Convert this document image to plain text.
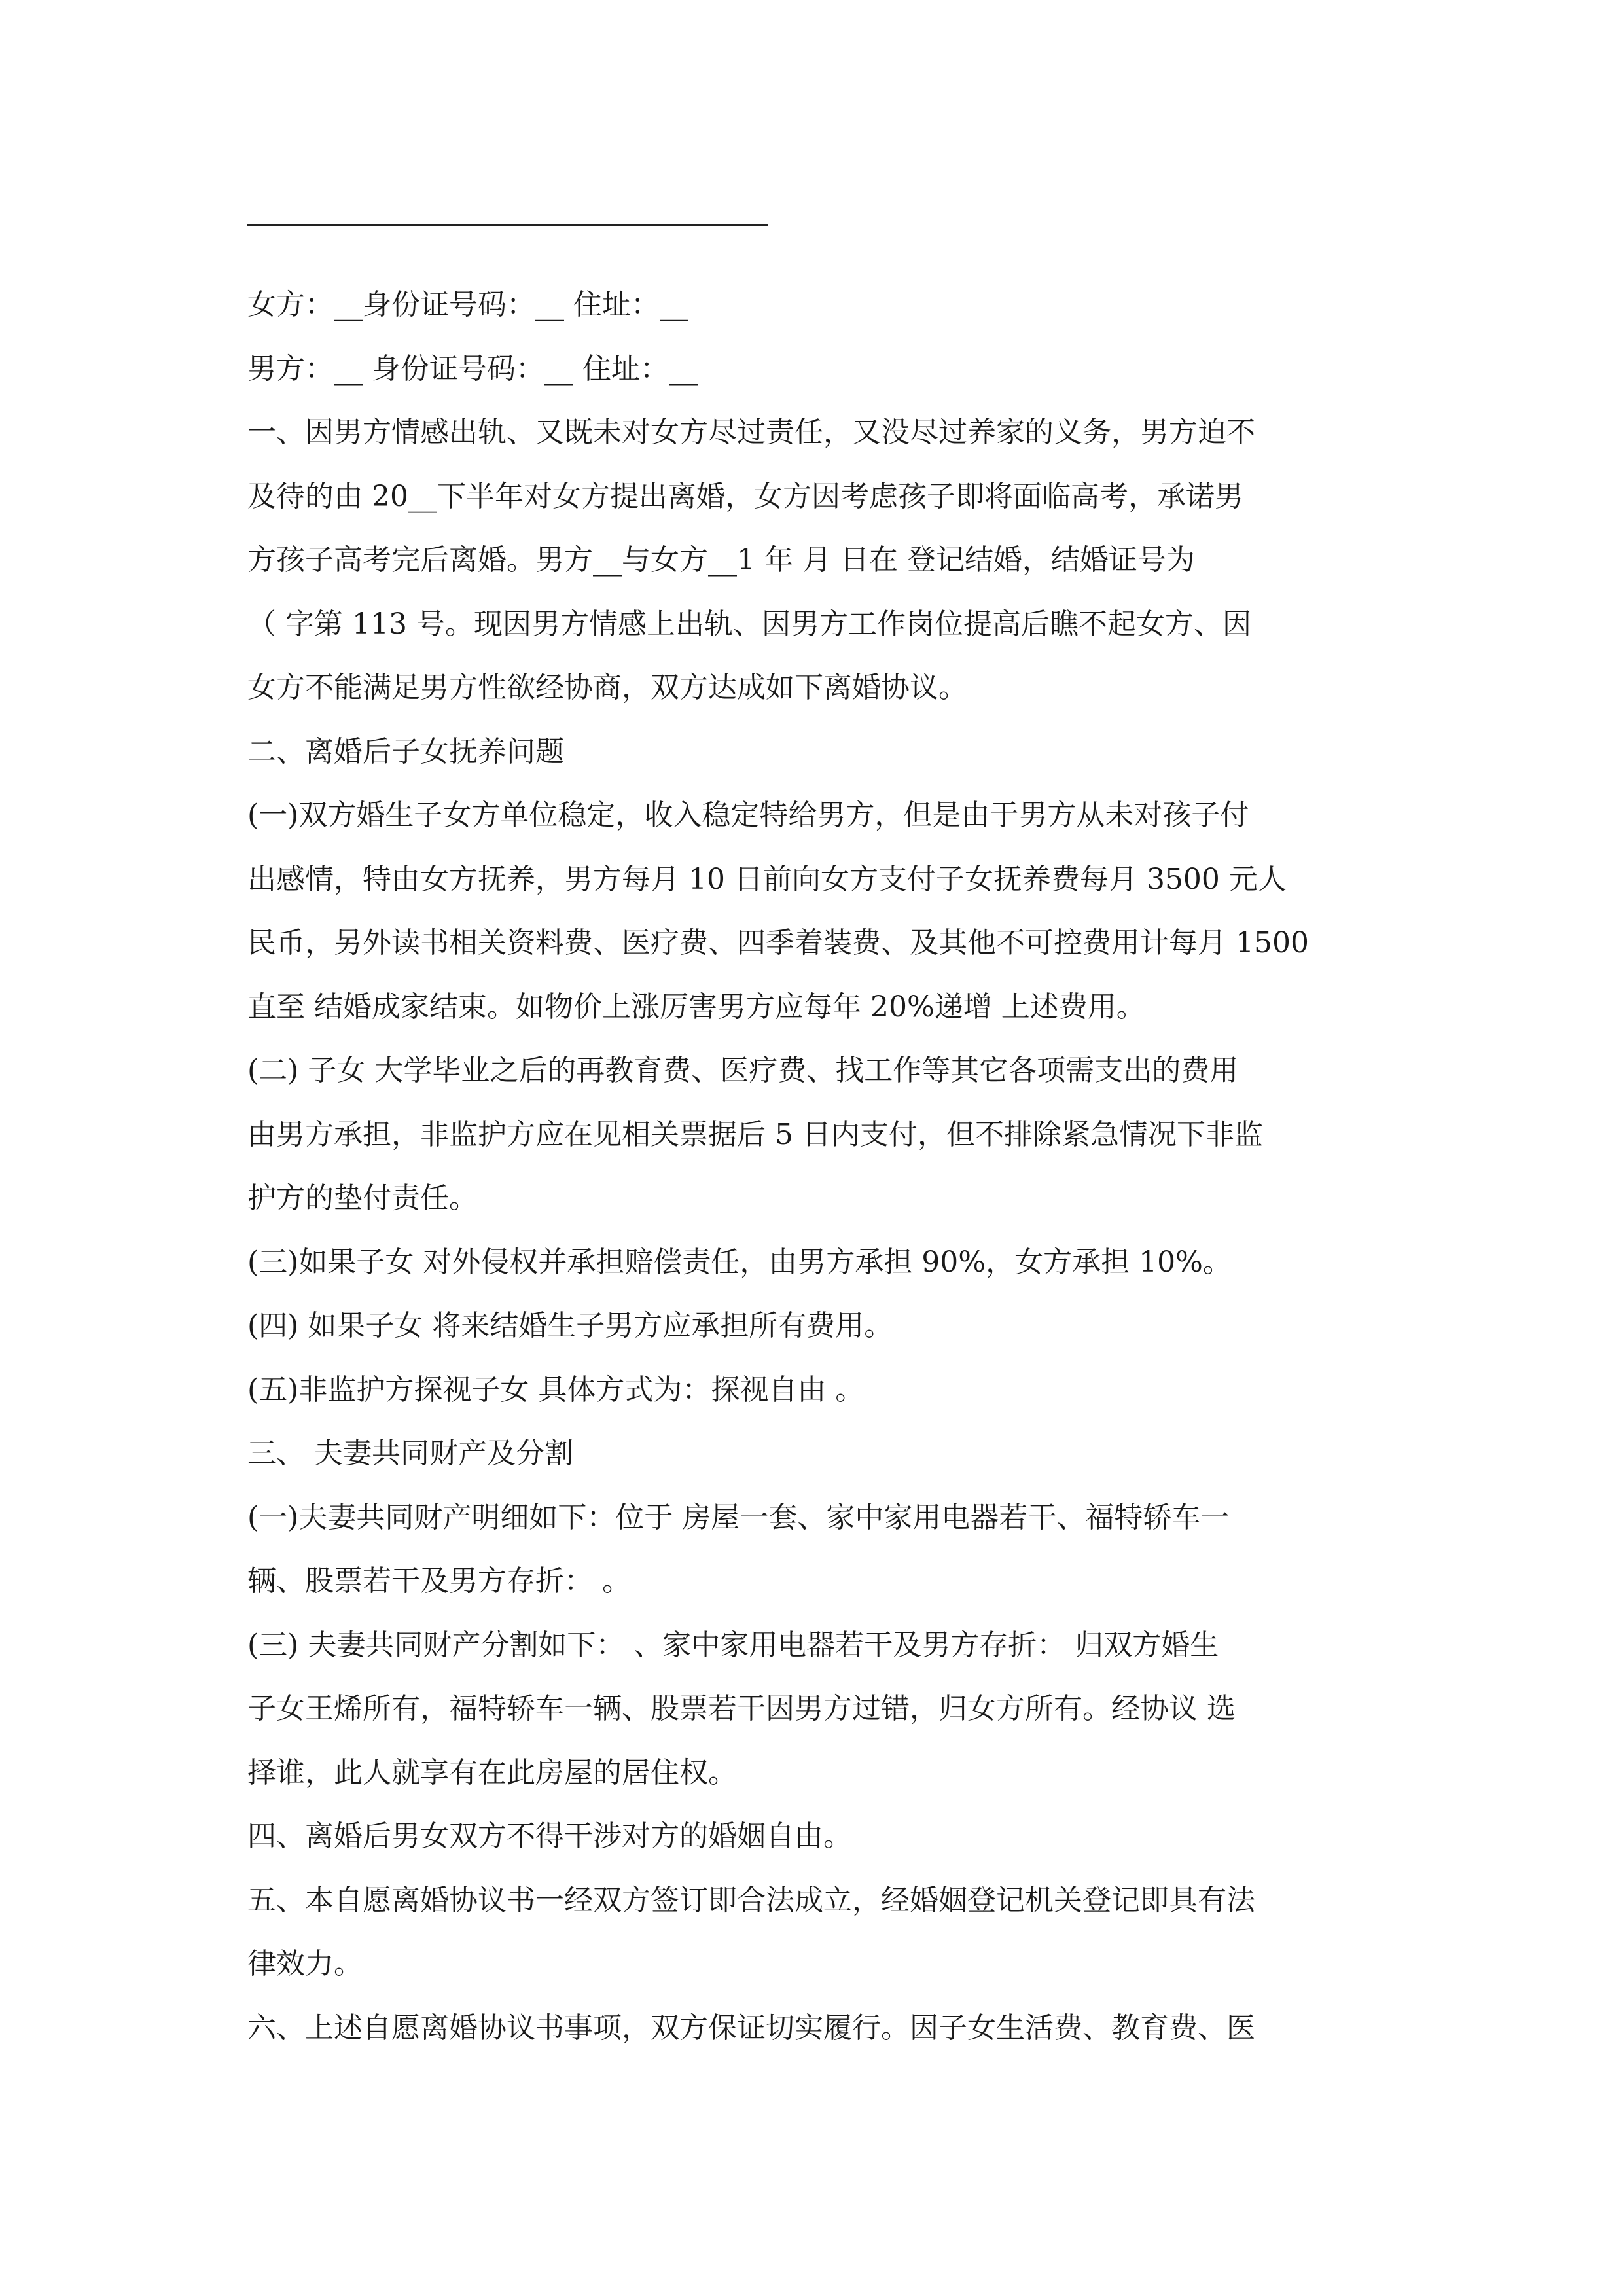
女方：__身份证号码：__ 住址：__
男方：__ 身份证号码：__ 住址：__
一、因男方情感出轨、又既未对女方尽过责任，又没尽过养家的义务，男方迫不
及待的由 20__下半年对女方提出离婚，女方因考虑孩子即将面临高考，承诺男
方孩子高考完后离婚。男方__与女方__1 年 月 日在 登记结婚，结婚证号为
（ 字第 113 号。现因男方情感上出轨、因男方工作岗位提高后瞧不起女方、因
女方不能满足男方性欲经协商，双方达成如下离婚协议。
二、离婚后子女抚养问题
(一)双方婚生子女方单位稳定，收入稳定特给男方，但是由于男方从未对孩子付
出感情，特由女方抚养，男方每月 10 日前向女方支付子女抚养费每月 3500 元人
民币，另外读书相关资料费、医疗费、四季着装费、及其他不可控费用计每月 1500
直至 结婚成家结束。如物价上涨厉害男方应每年 20%递增 上述费用。
(二) 子女 大学毕业之后的再教育费、医疗费、找工作等其它各项需支出的费用
由男方承担，非监护方应在见相关票据后 5 日内支付，但不排除紧急情况下非监
护方的垫付责任。
(三)如果子女 对外侵权并承担赔偿责任，由男方承担 90%，女方承担 10%。
(四) 如果子女 将来结婚生子男方应承担所有费用。
(五)非监护方探视子女 具体方式为：探视自由 。
三、 夫妻共同财产及分割
(一)夫妻共同财产明细如下：位于 房屋一套、家中家用电器若干、福特轿车一
辆、股票若干及男方存折： 。
(三) 夫妻共同财产分割如下： 、家中家用电器若干及男方存折： 归双方婚生
子女王烯所有，福特轿车一辆、股票若干因男方过错，归女方所有。经协议 选
择谁，此人就享有在此房屋的居住权。
四、离婚后男女双方不得干涉对方的婚姻自由。
五、本自愿离婚协议书一经双方签订即合法成立，经婚姻登记机关登记即具有法
律效力。
六、上述自愿离婚协议书事项，双方保证切实履行。因子女生活费、教育费、医
